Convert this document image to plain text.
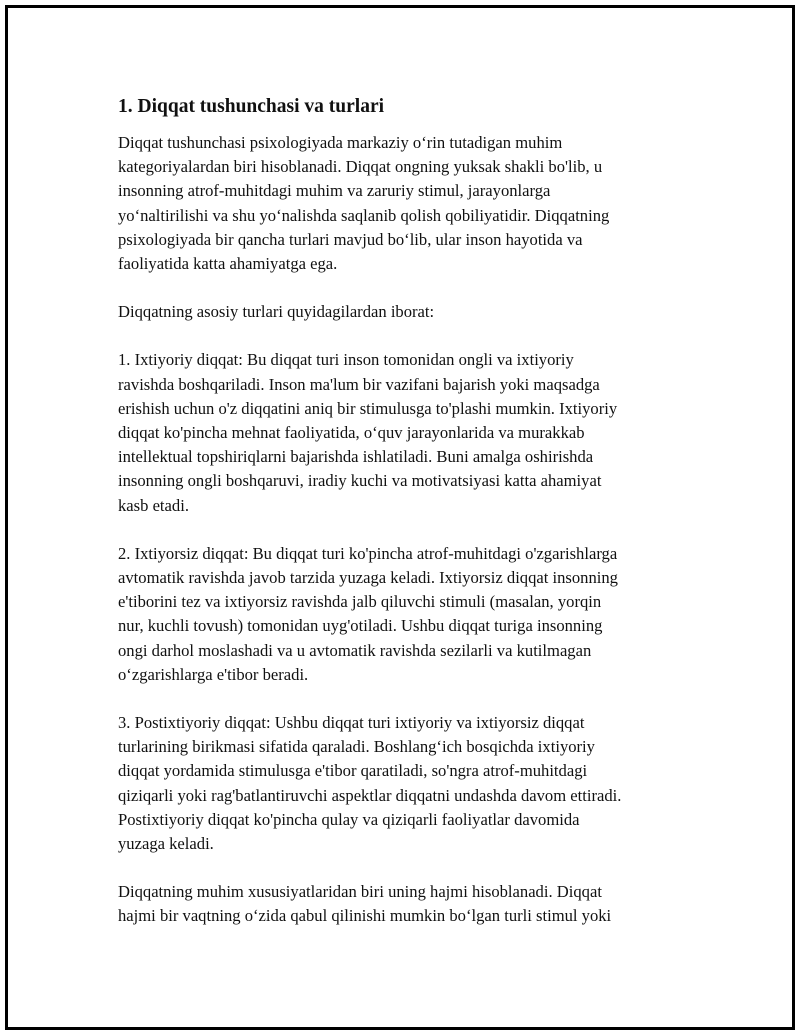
1. Diqqat tushunchasi va turlari

Diqqat tushunchasi psixologiyada markaziy o‘rin tutadigan muhim
kategoriyalardan biri hisoblanadi. Diqqat ongning yuksak shakli bo'lib, u
insonning atrof-muhitdagi muhim va zaruriy stimul, jarayonlarga
yo‘naltirilishi va shu yo‘nalishda saqlanib qolish qobiliyatidir. Diqqatning
psixologiyada bir qancha turlari mavjud bo‘lib, ular inson hayotida va
faoliyatida katta ahamiyatga ega.

Diqqatning asosiy turlari quyidagilardan iborat:

1. Ixtiyoriy diqqat: Bu diqqat turi inson tomonidan ongli va ixtiyoriy
ravishda boshqariladi. Inson ma'lum bir vazifani bajarish yoki maqsadga
erishish uchun o'z diqqatini aniq bir stimulusga to'plashi mumkin. Ixtiyoriy
diqqat ko'pincha mehnat faoliyatida, o‘quv jarayonlarida va murakkab
intellektual topshiriqlarni bajarishda ishlatiladi. Buni amalga oshirishda
insonning ongli boshqaruvi, iradiy kuchi va motivatsiyasi katta ahamiyat
kasb etadi.

2. Ixtiyorsiz diqqat: Bu diqqat turi ko'pincha atrof-muhitdagi o'zgarishlarga
avtomatik ravishda javob tarzida yuzaga keladi. Ixtiyorsiz diqqat insonning
e'tiborini tez va ixtiyorsiz ravishda jalb qiluvchi stimuli (masalan, yorqin
nur, kuchli tovush) tomonidan uyg'otiladi. Ushbu diqqat turiga insonning
ongi darhol moslashadi va u avtomatik ravishda sezilarli va kutilmagan
o‘zgarishlarga e'tibor beradi.

3. Postixtiyoriy diqqat: Ushbu diqqat turi ixtiyoriy va ixtiyorsiz diqqat
turlarining birikmasi sifatida qaraladi. Boshlang‘ich bosqichda ixtiyoriy
diqqat yordamida stimulusga e'tibor qaratiladi, so'ngra atrof-muhitdagi
qiziqarli yoki rag'batlantiruvchi aspektlar diqqatni undashda davom ettiradi.
Postixtiyoriy diqqat ko'pincha qulay va qiziqarli faoliyatlar davomida
yuzaga keladi.

Diqqatning muhim xususiyatlaridan biri uning hajmi hisoblanadi. Diqqat
hajmi bir vaqtning o‘zida qabul qilinishi mumkin bo‘lgan turli stimul yoki
